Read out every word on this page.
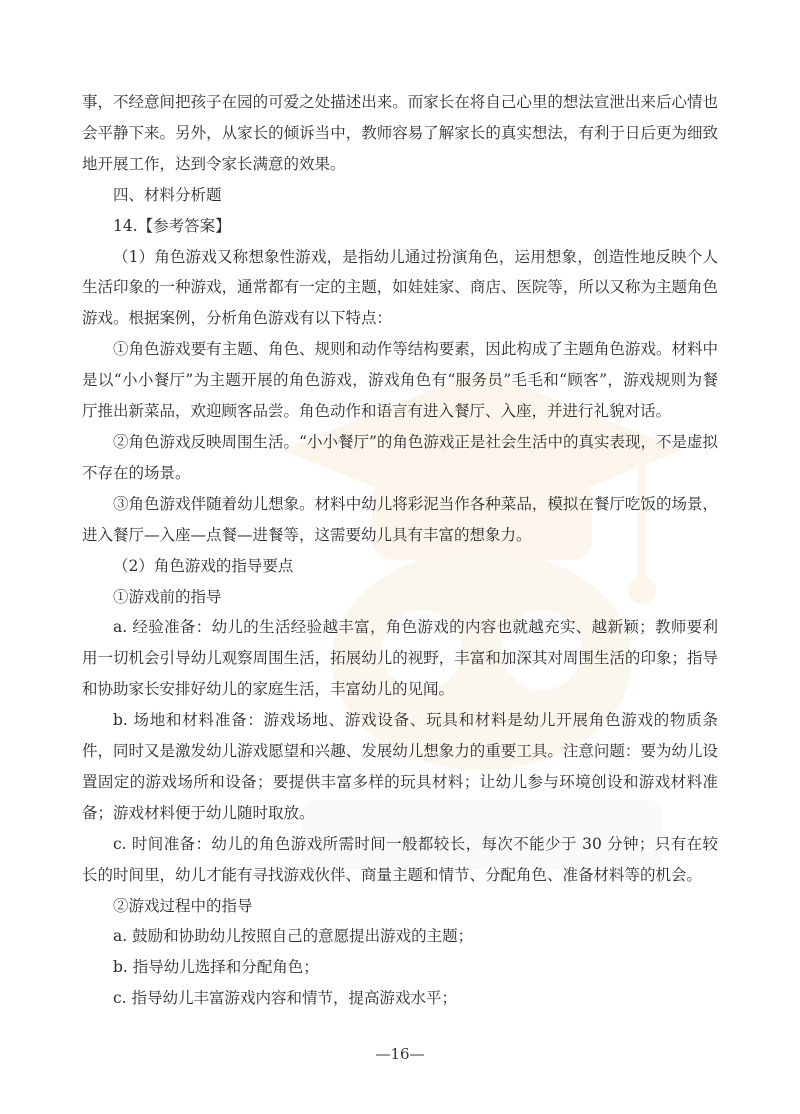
事，不经意间把孩子在园的可爱之处描述出来。而家长在将自己心里的想法宣泄出来后心情也会平静下来。另外，从家长的倾诉当中，教师容易了解家长的真实想法，有利于日后更为细致地开展工作，达到令家长满意的效果。

四、材料分析题

14.【参考答案】

（1）角色游戏又称想象性游戏，是指幼儿通过扮演角色，运用想象，创造性地反映个人生活印象的一种游戏，通常都有一定的主题，如娃娃家、商店、医院等，所以又称为主题角色游戏。根据案例，分析角色游戏有以下特点：

①角色游戏要有主题、角色、规则和动作等结构要素，因此构成了主题角色游戏。材料中是以“小小餐厅”为主题开展的角色游戏，游戏角色有“服务员”毛毛和“顾客”，游戏规则为餐厅推出新菜品，欢迎顾客品尝。角色动作和语言有进入餐厅、入座，并进行礼貌对话。

②角色游戏反映周围生活。“小小餐厅”的角色游戏正是社会生活中的真实表现，不是虚拟不存在的场景。

③角色游戏伴随着幼儿想象。材料中幼儿将彩泥当作各种菜品，模拟在餐厅吃饭的场景，进入餐厅—入座—点餐—进餐等，这需要幼儿具有丰富的想象力。

（2）角色游戏的指导要点

①游戏前的指导

a. 经验准备：幼儿的生活经验越丰富，角色游戏的内容也就越充实、越新颖；教师要利用一切机会引导幼儿观察周围生活，拓展幼儿的视野，丰富和加深其对周围生活的印象；指导和协助家长安排好幼儿的家庭生活，丰富幼儿的见闻。

b. 场地和材料准备：游戏场地、游戏设备、玩具和材料是幼儿开展角色游戏的物质条件，同时又是激发幼儿游戏愿望和兴趣、发展幼儿想象力的重要工具。注意问题：要为幼儿设置固定的游戏场所和设备；要提供丰富多样的玩具材料；让幼儿参与环境创设和游戏材料准备；游戏材料便于幼儿随时取放。

c. 时间准备：幼儿的角色游戏所需时间一般都较长，每次不能少于 30 分钟；只有在较长的时间里，幼儿才能有寻找游戏伙伴、商量主题和情节、分配角色、准备材料等的机会。

②游戏过程中的指导

a. 鼓励和协助幼儿按照自己的意愿提出游戏的主题；

b. 指导幼儿选择和分配角色；

c. 指导幼儿丰富游戏内容和情节，提高游戏水平；

—16—
